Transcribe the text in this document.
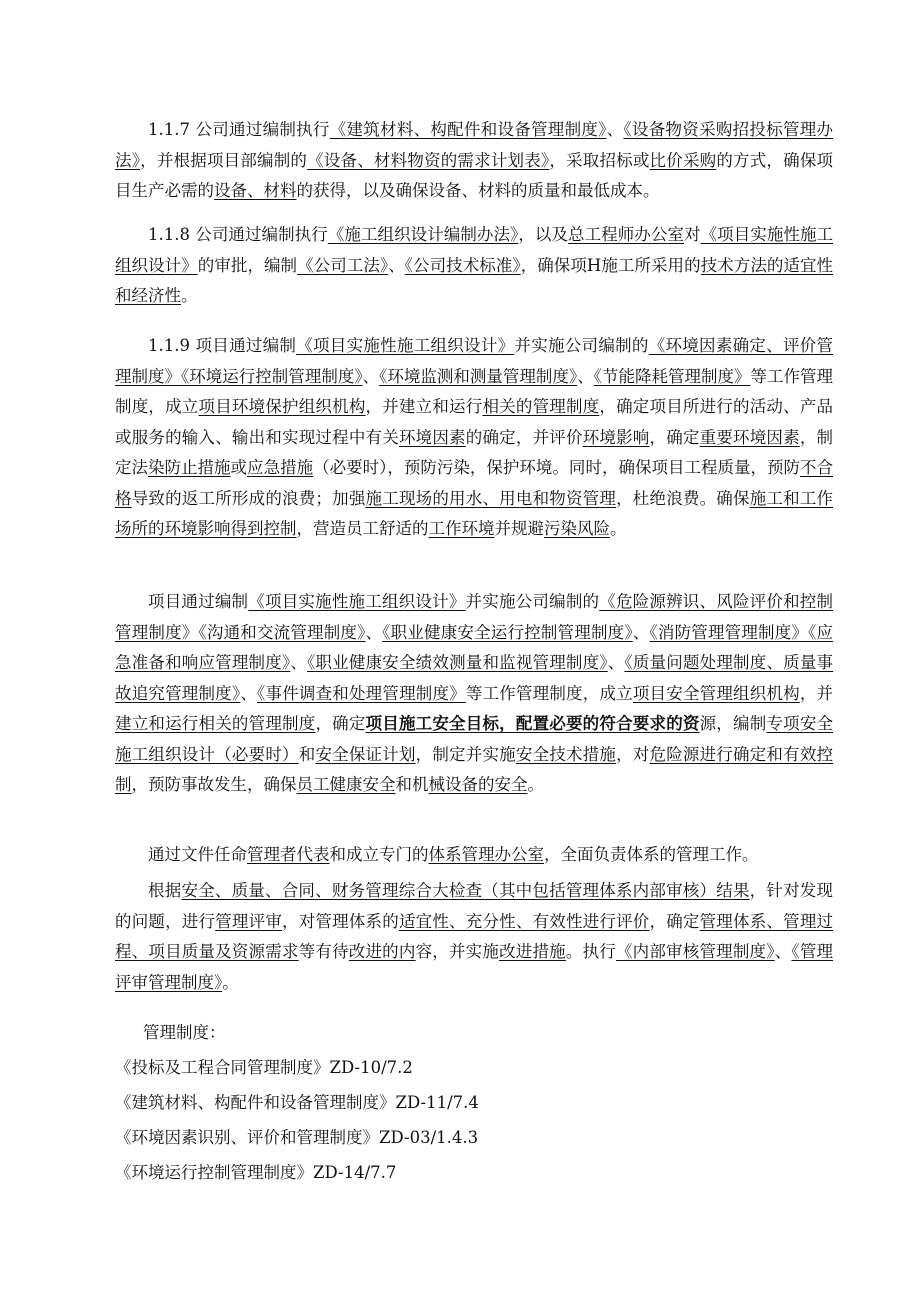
1.1.7 公司通过编制执行《建筑材料、构配件和设备管理制度》、《设备物资采购招投标管理办法》，并根据项目部编制的《设备、材料物资的需求计划表》，采取招标或比价采购的方式，确保项目生产必需的设备、材料的获得，以及确保设备、材料的质量和最低成本。

1.1.8 公司通过编制执行《施工组织设计编制办法》，以及总工程师办公室对《项目实施性施工组织设计》的审批，编制《公司工法》、《公司技术标准》，确保项H施工所采用的技术方法的适宜性和经济性。

1.1.9 项目通过编制《项目实施性施工组织设计》并实施公司编制的《环境因素确定、评价管理制度》《环境运行控制管理制度》、《环境监测和测量管理制度》、《节能降耗管理制度》等工作管理制度，成立项目环境保护组织机构，并建立和运行相关的管理制度，确定项目所进行的活动、产品或服务的输入、输出和实现过程中有关环境因素的确定，并评价环境影响，确定重要环境因素，制定法染防止措施或应急措施（必要时），预防污染，保护环境。同时，确保项目工程质量，预防不合格导致的返工所形成的浪费；加强施工现场的用水、用电和物资管理，杜绝浪费。确保施工和工作场所的环境影响得到控制，营造员工舒适的工作环境并规避污染风险。

项目通过编制《项目实施性施工组织设计》并实施公司编制的《危险源辨识、风险评价和控制管理制度》《沟通和交流管理制度》、《职业健康安全运行控制管理制度》、《消防管理管理制度》《应急准备和响应管理制度》、《职业健康安全绩效测量和监视管理制度》、《质量问题处理制度、质量事故追究管理制度》、《事件调查和处理管理制度》等工作管理制度，成立项目安全管理组织机构，并建立和运行相关的管理制度，确定项目施工安全目标，配置必要的符合要求的资源，编制专项安全施工组织设计（必要时）和安全保证计划，制定并实施安全技术措施，对危险源进行确定和有效控制，预防事故发生，确保员工健康安全和机械设备的安全。

通过文件任命管理者代表和成立专门的体系管理办公室，全面负责体系的管理工作。

根据安全、质量、合同、财务管理综合大检查（其中包括管理体系内部审核）结果，针对发现的问题，进行管理评审，对管理体系的适宜性、充分性、有效性进行评价，确定管理体系、管理过程、项目质量及资源需求等有待改进的内容，并实施改进措施。执行《内部审核管理制度》、《管理评审管理制度》。

管理制度：

《投标及工程合同管理制度》ZD-10/7.2

《建筑材料、构配件和设备管理制度》ZD-11/7.4

《环境因素识别、评价和管理制度》ZD-03/1.4.3

《环境运行控制管理制度》ZD-14/7.7
